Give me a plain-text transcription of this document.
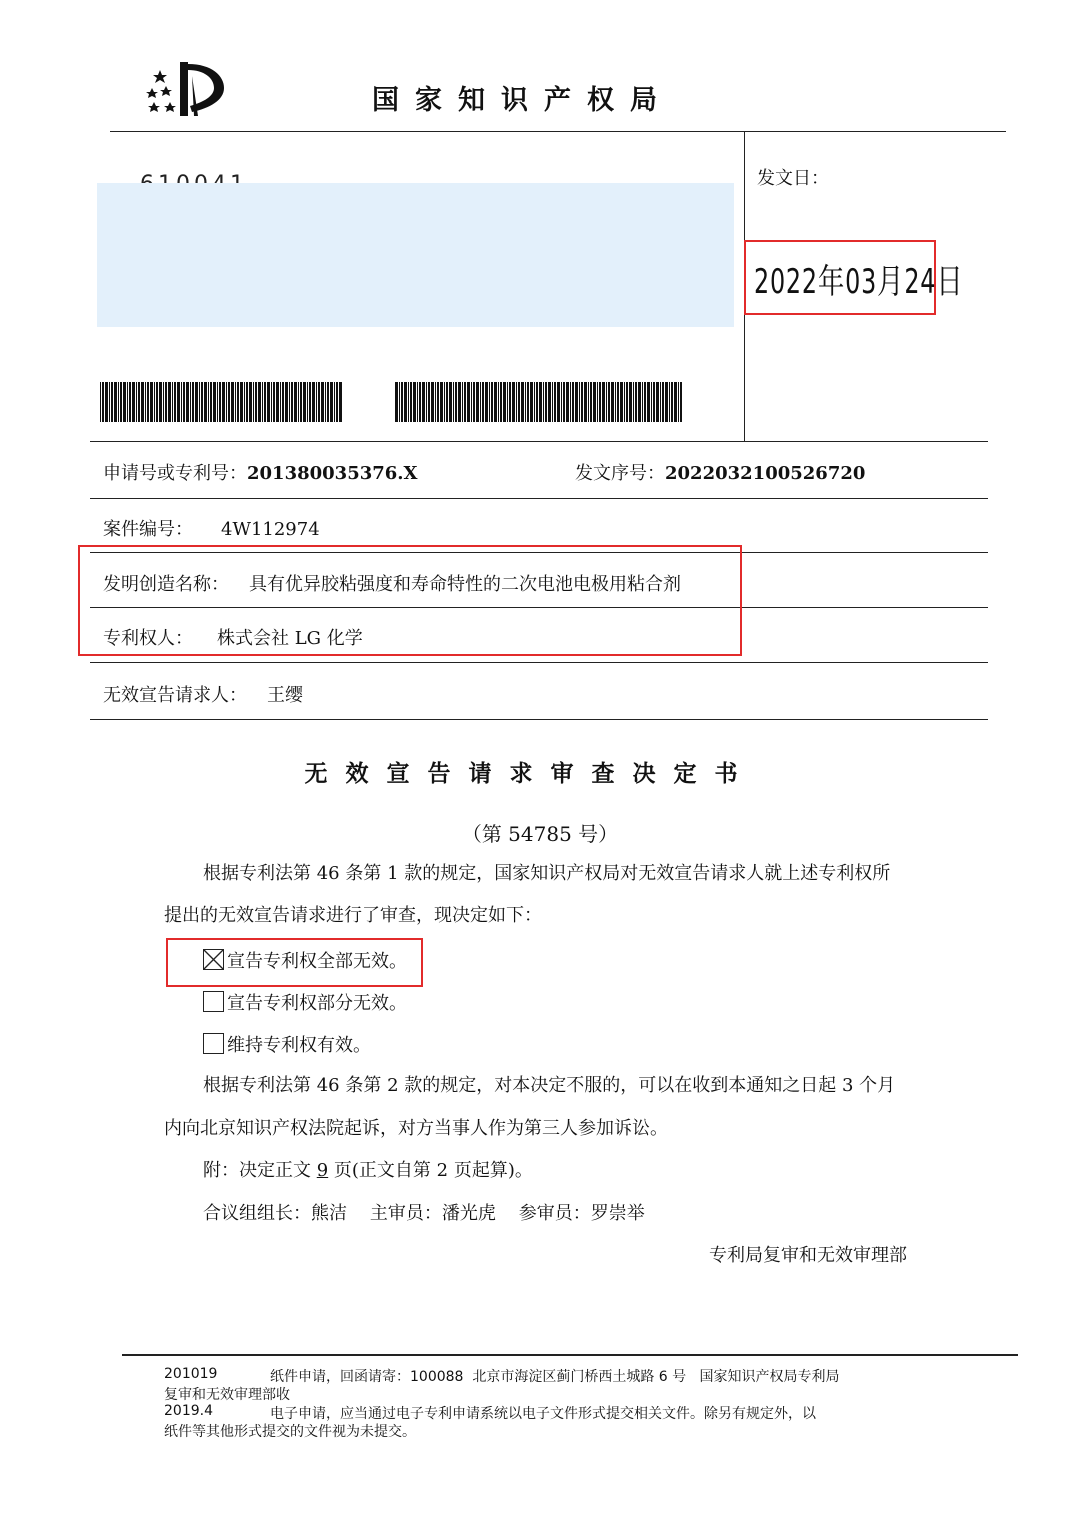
国家知识产权局
发文日：
2022年03月24日
申请号或专利号：201380035376.X	发文序号：2022032100526720
案件编号： 4W112974
发明创造名称： 具有优异胶粘强度和寿命特性的二次电池电极用粘合剂
专利权人： 株式会社 LG 化学
无效宣告请求人： 王缨
无效宣告请求审查决定书
（第 54785 号）
根据专利法第 46 条第 1 款的规定，国家知识产权局对无效宣告请求人就上述专利权所
提出的无效宣告请求进行了审查，现决定如下：
宣告专利权全部无效。
宣告专利权部分无效。
维持专利权有效。
根据专利法第 46 条第 2 款的规定，对本决定不服的，可以在收到本通知之日起 3 个月
内向北京知识产权法院起诉，对方当事人作为第三人参加诉讼。
附：决定正文 9 页(正文自第 2 页起算)。
合议组组长：熊洁    主审员：潘光虎    参审员：罗崇举
专利局复审和无效审理部
201019	纸件申请，回函请寄：100088  北京市海淀区蓟门桥西土城路 6 号   国家知识产权局专利局
复审和无效审理部收
2019.4	电子申请，应当通过电子专利申请系统以电子文件形式提交相关文件。除另有规定外，以
纸件等其他形式提交的文件视为未提交。
